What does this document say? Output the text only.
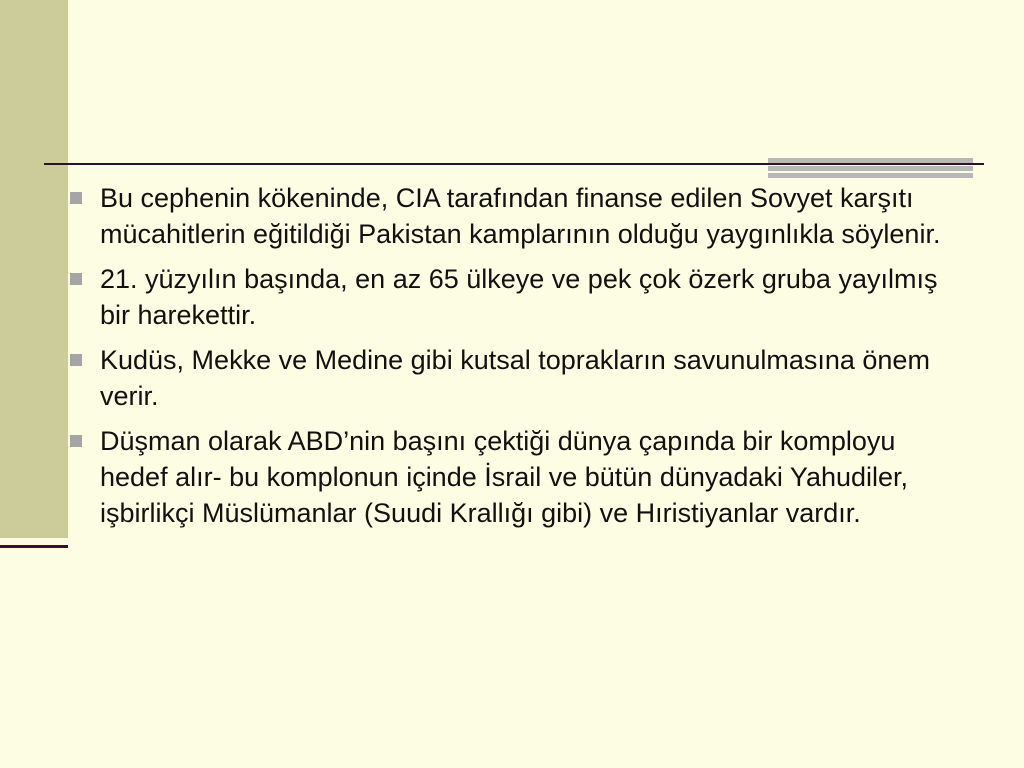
Bu cephenin kökeninde, CIA tarafından finanse edilen Sovyet karşıtı mücahitlerin eğitildiği Pakistan kamplarının olduğu yaygınlıkla söylenir.
21. yüzyılın başında, en az 65 ülkeye ve pek çok özerk gruba yayılmış bir harekettir.
Kudüs, Mekke ve Medine gibi kutsal toprakların savunulmasına önem verir.
Düşman olarak ABD’nin başını çektiği dünya çapında bir komployu hedef alır- bu komplonun içinde İsrail ve bütün dünyadaki Yahudiler, işbirlikçi Müslümanlar (Suudi Krallığı gibi) ve Hıristiyanlar vardır.
